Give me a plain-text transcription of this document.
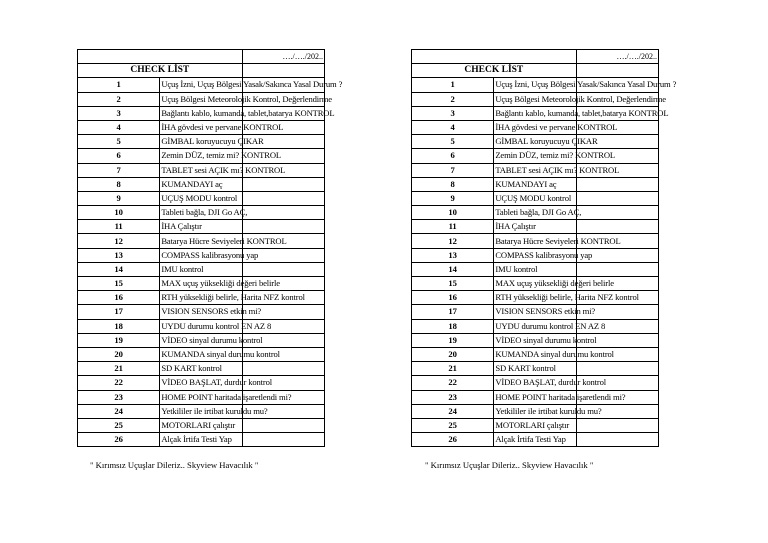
		…./…./202..
CHECK LİST		
1	Uçuş İzni, Uçuş Bölgesi Yasak/Sakınca Yasal Durum ?	
2	Uçuş Bölgesi Meteorolojik Kontrol, Değerlendirme	
3	Bağlantı kablo, kumanda, tablet,batarya KONTROL	
4	İHA gövdesi ve pervane KONTROL	
5	GİMBAL koruyucuyu ÇIKAR	
6	Zemin DÜZ, temiz mi? KONTROL	
7	TABLET sesi AÇIK mı? KONTROL	
8	KUMANDAYI aç	
9	UÇUŞ MODU kontrol	
10	Tableti bağla, DJI Go AÇ,	
11	İHA Çalıştır	
12	Batarya Hücre Seviyeleri KONTROL	
13	COMPASS kalibrasyonu yap	
14	IMU kontrol	
15	MAX uçuş yüksekliği değeri belirle	
16	RTH yüksekliği belirle, Harita NFZ kontrol	
17	VISION SENSORS etkin mi?	
18	UYDU durumu kontrol EN AZ 8	
19	VİDEO sinyal durumu kontrol	
20	KUMANDA sinyal durumu kontrol	
21	SD KART kontrol	
22	VİDEO BAŞLAT, durdur kontrol	
23	HOME POINT haritada işaretlendi mi?	
24	Yetkililer ile irtibat kuruldu mu?	
25	MOTORLARI çalıştır	
26	Alçak İrtifa Testi Yap	
" Kırımsız Uçuşlar Dileriz.. Skyview Havacılık "
		…./…./202..
CHECK LİST		
1	Uçuş İzni, Uçuş Bölgesi Yasak/Sakınca Yasal Durum ?	
2	Uçuş Bölgesi Meteorolojik Kontrol, Değerlendirme	
3	Bağlantı kablo, kumanda, tablet,batarya KONTROL	
4	İHA gövdesi ve pervane KONTROL	
5	GİMBAL koruyucuyu ÇIKAR	
6	Zemin DÜZ, temiz mi? KONTROL	
7	TABLET sesi AÇIK mı? KONTROL	
8	KUMANDAYI aç	
9	UÇUŞ MODU kontrol	
10	Tableti bağla, DJI Go AÇ,	
11	İHA Çalıştır	
12	Batarya Hücre Seviyeleri KONTROL	
13	COMPASS kalibrasyonu yap	
14	IMU kontrol	
15	MAX uçuş yüksekliği değeri belirle	
16	RTH yüksekliği belirle, Harita NFZ kontrol	
17	VISION SENSORS etkin mi?	
18	UYDU durumu kontrol EN AZ 8	
19	VİDEO sinyal durumu kontrol	
20	KUMANDA sinyal durumu kontrol	
21	SD KART kontrol	
22	VİDEO BAŞLAT, durdur kontrol	
23	HOME POINT haritada işaretlendi mi?	
24	Yetkililer ile irtibat kuruldu mu?	
25	MOTORLARI çalıştır	
26	Alçak İrtifa Testi Yap	
" Kırımsız Uçuşlar Dileriz.. Skyview Havacılık "
